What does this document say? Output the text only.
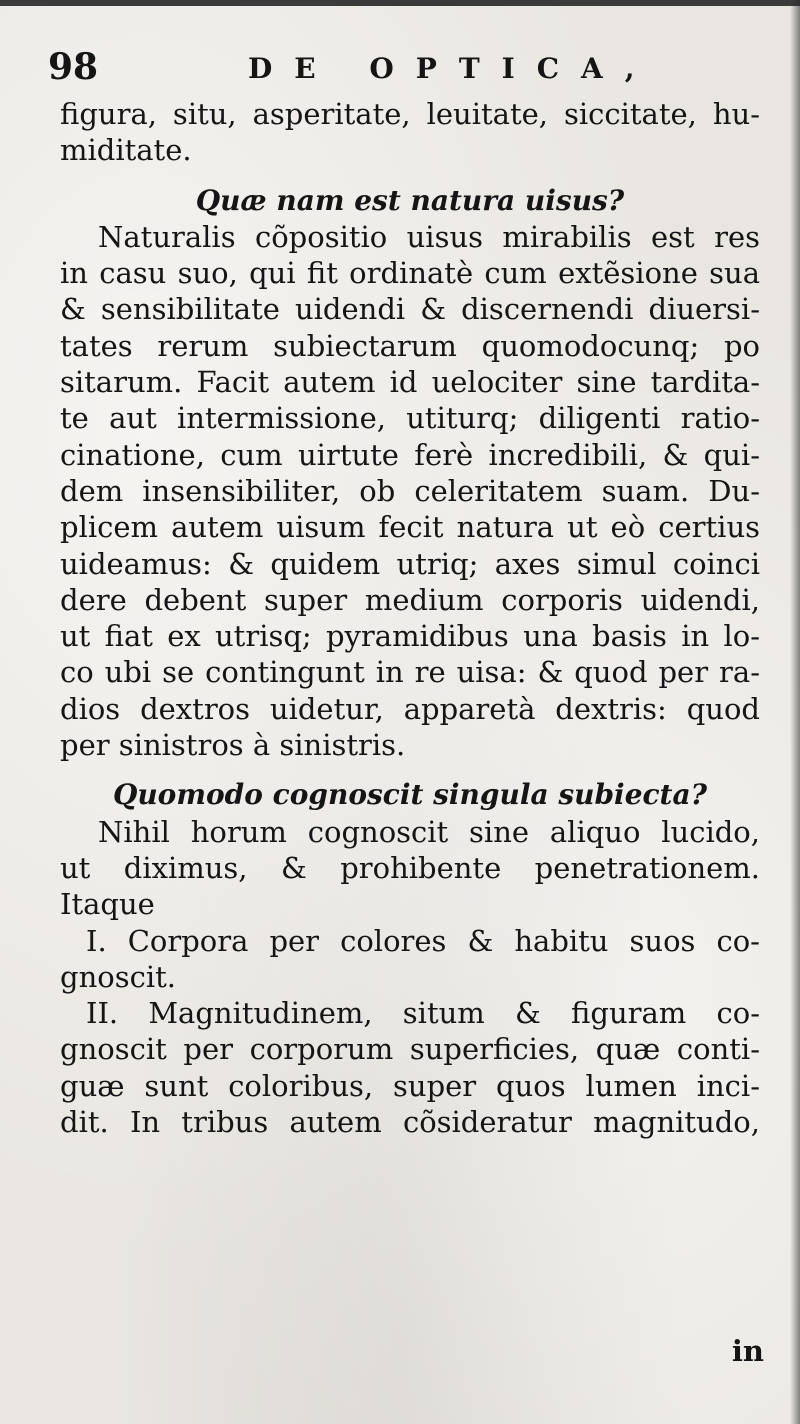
98	DE OPTICA,
figura, situ, asperitate, leuitate, siccitate, hu-
miditate.
Quæ nam est natura uisus?
Naturalis cõpositio uisus mirabilis est res
in casu suo, qui fit ordinatè cum extẽsione sua
& sensibilitate uidendi & discernendi diuersi-
tates rerum subiectarum quomodocunq; po
sitarum. Facit autem id uelociter sine tardita-
te aut intermissione, utiturq; diligenti ratio-
cinatione, cum uirtute ferè incredibili, & qui-
dem insensibiliter, ob celeritatem suam. Du-
plicem autem uisum fecit natura ut eò certius
uideamus: & quidem utriq; axes simul coinci
dere debent super medium corporis uidendi,
ut fiat ex utrisq; pyramidibus una basis in lo-
co ubi se contingunt in re uisa: & quod per ra-
dios dextros uidetur, apparetà dextris: quod
per sinistros à sinistris.
Quomodo cognoscit singula subiecta?
Nihil horum cognoscit sine aliquo lucido,
ut diximus, & prohibente penetrationem.
Itaque
I. Corpora per colores & habitu suos co-
gnoscit.
II. Magnitudinem, situm & figuram co-
gnoscit per corporum superficies, quæ conti-
guæ sunt coloribus, super quos lumen inci-
dit. In tribus autem cõsideratur magnitudo,
in
